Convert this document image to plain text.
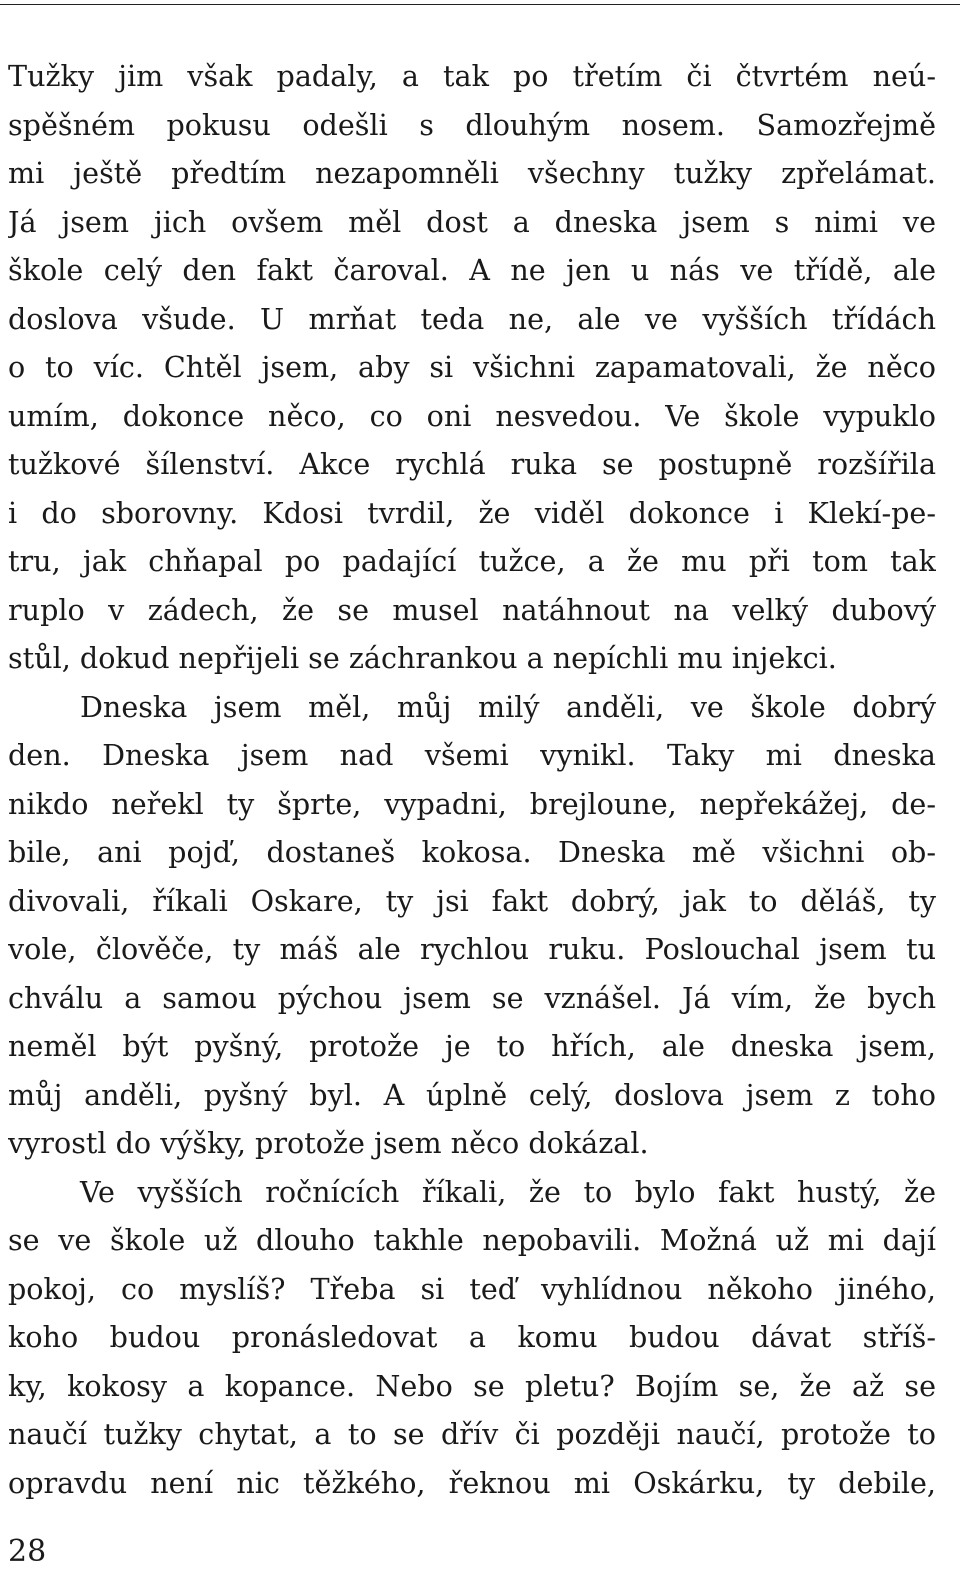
Tužky jim však padaly, a tak po třetím či čtvrtém neú-
spěšném pokusu odešli s dlouhým nosem. Samozřejmě
mi ještě předtím nezapomněli všechny tužky zpřelámat.
Já jsem jich ovšem měl dost a dneska jsem s nimi ve
škole celý den fakt čaroval. A ne jen u nás ve třídě, ale
doslova všude. U mrňat teda ne, ale ve vyšších třídách
o to víc. Chtěl jsem, aby si všichni zapamatovali, že něco
umím, dokonce něco, co oni nesvedou. Ve škole vypuklo
tužkové šílenství. Akce rychlá ruka se postupně rozšířila
i do sborovny. Kdosi tvrdil, že viděl dokonce i Klekí-pe-
tru, jak chňapal po padající tužce, a že mu při tom tak
ruplo v zádech, že se musel natáhnout na velký dubový
stůl, dokud nepřijeli se záchrankou a nepíchli mu injekci.
Dneska jsem měl, můj milý anděli, ve škole dobrý
den. Dneska jsem nad všemi vynikl. Taky mi dneska
nikdo neřekl ty šprte, vypadni, brejloune, nepřekážej, de-
bile, ani pojď, dostaneš kokosa. Dneska mě všichni ob-
divovali, říkali Oskare, ty jsi fakt dobrý, jak to děláš, ty
vole, člověče, ty máš ale rychlou ruku. Poslouchal jsem tu
chválu a samou pýchou jsem se vznášel. Já vím, že bych
neměl být pyšný, protože je to hřích, ale dneska jsem,
můj anděli, pyšný byl. A úplně celý, doslova jsem z toho
vyrostl do výšky, protože jsem něco dokázal.
Ve vyšších ročnících říkali, že to bylo fakt hustý, že
se ve škole už dlouho takhle nepobavili. Možná už mi dají
pokoj, co myslíš? Třeba si teď vyhlídnou někoho jiného,
koho budou pronásledovat a komu budou dávat stříš-
ky, kokosy a kopance. Nebo se pletu? Bojím se, že až se
naučí tužky chytat, a to se dřív či později naučí, protože to
opravdu není nic těžkého, řeknou mi Oskárku, ty debile,
28
